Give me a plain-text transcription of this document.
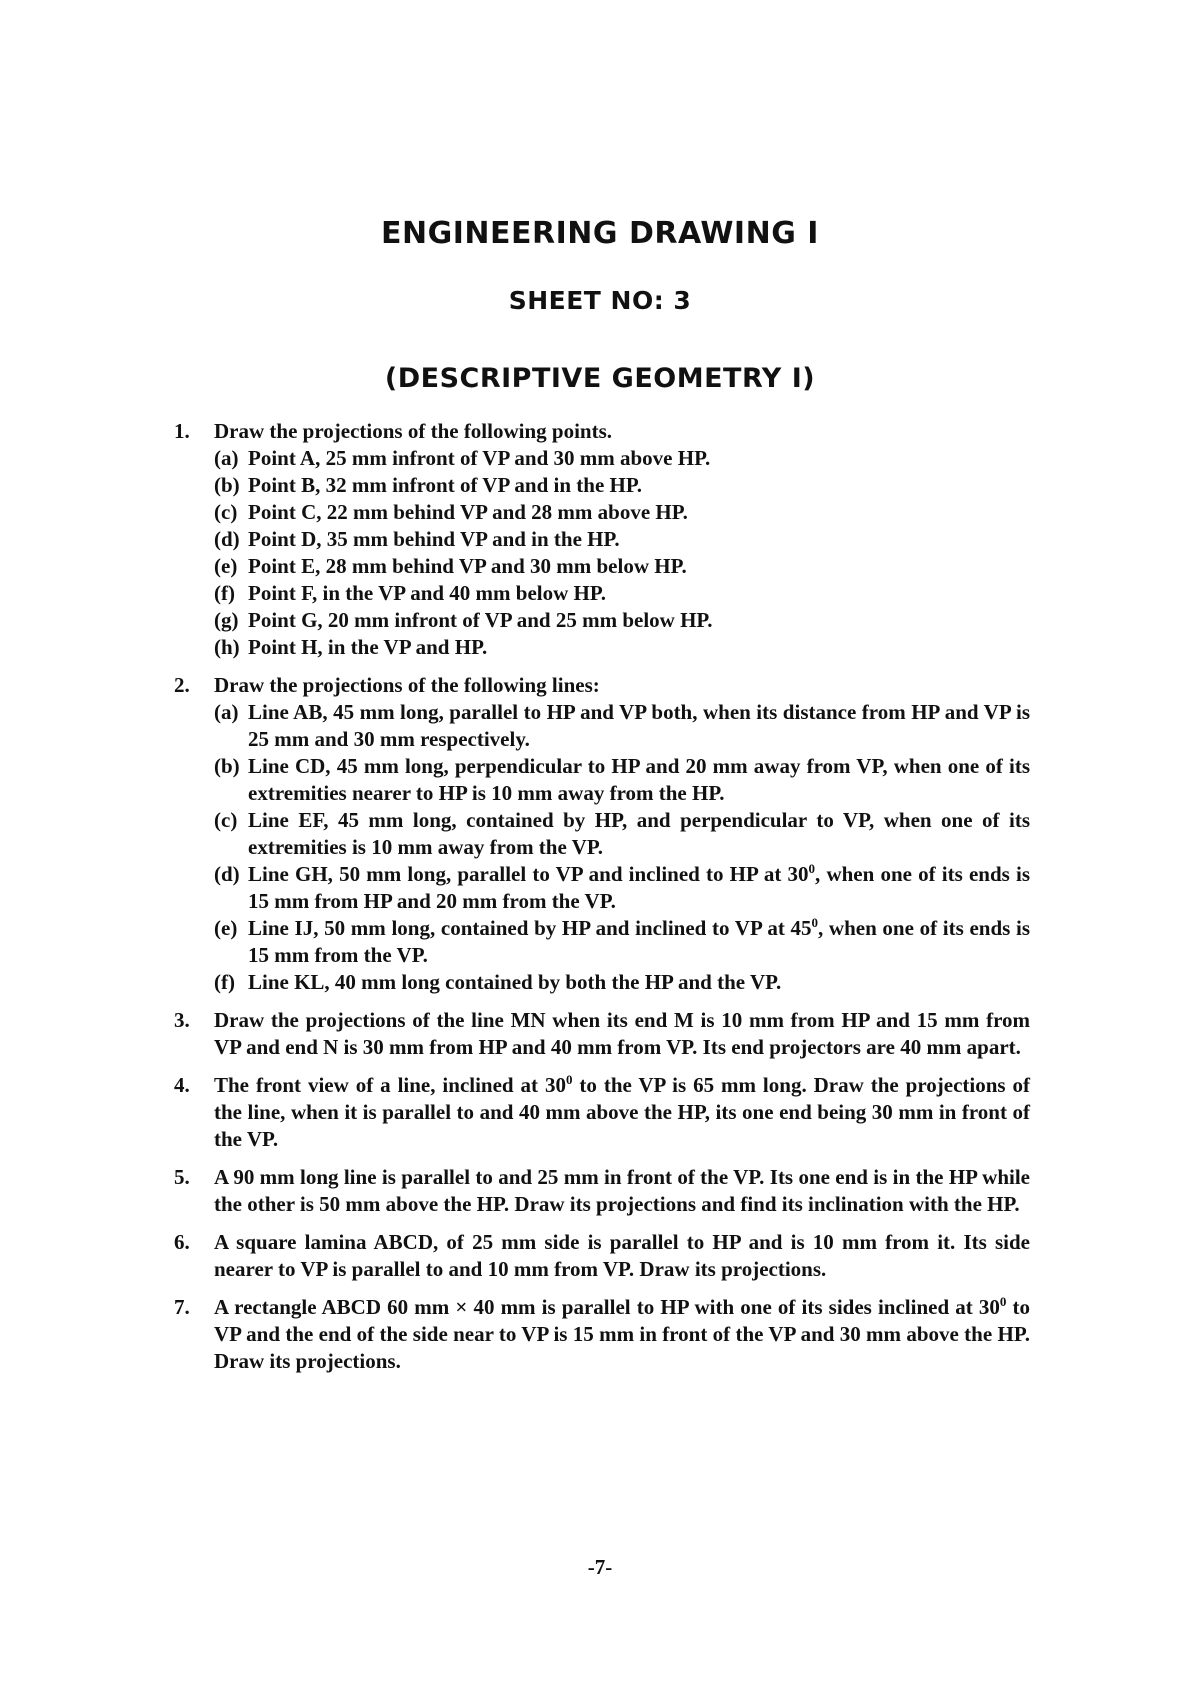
ENGINEERING DRAWING I
SHEET NO: 3
(DESCRIPTIVE GEOMETRY I)
1. Draw the projections of the following points.
(a) Point A, 25 mm infront of VP and 30 mm above HP.
(b) Point B, 32 mm infront of VP and in the HP.
(c) Point C, 22 mm behind VP and 28 mm above HP.
(d) Point D, 35 mm behind VP and in the HP.
(e) Point E, 28 mm behind VP and 30 mm below HP.
(f) Point F, in the VP and 40 mm below HP.
(g) Point G, 20 mm infront of VP and 25 mm below HP.
(h) Point H, in the VP and HP.
2. Draw the projections of the following lines:
(a) Line AB, 45 mm long, parallel to HP and VP both, when its distance from HP and VP is 25 mm and 30 mm respectively.
(b) Line CD, 45 mm long, perpendicular to HP and 20 mm away from VP, when one of its extremities nearer to HP is 10 mm away from the HP.
(c) Line EF, 45 mm long, contained by HP, and perpendicular to VP, when one of its extremities is 10 mm away from the VP.
(d) Line GH, 50 mm long, parallel to VP and inclined to HP at $30^0$, when one of its ends is 15 mm from HP and 20 mm from the VP.
(e) Line IJ, 50 mm long, contained by HP and inclined to VP at $45^0$, when one of its ends is 15 mm from the VP.
(f) Line KL, 40 mm long contained by both the HP and the VP.
3. Draw the projections of the line MN when its end M is 10 mm from HP and 15 mm from VP and end N is 30 mm from HP and 40 mm from VP. Its end projectors are 40 mm apart.
4. The front view of a line, inclined at $30^0$ to the VP is 65 mm long. Draw the projections of the line, when it is parallel to and 40 mm above the HP, its one end being 30 mm in front of the VP.
5. A 90 mm long line is parallel to and 25 mm in front of the VP. Its one end is in the HP while the other is 50 mm above the HP. Draw its projections and find its inclination with the HP.
6. A square lamina ABCD, of 25 mm side is parallel to HP and is 10 mm from it. Its side nearer to VP is parallel to and 10 mm from VP. Draw its projections.
7. A rectangle ABCD 60 mm × 40 mm is parallel to HP with one of its sides inclined at $30^0$ to VP and the end of the side near to VP is 15 mm in front of the VP and 30 mm above the HP. Draw its projections.
-7-
